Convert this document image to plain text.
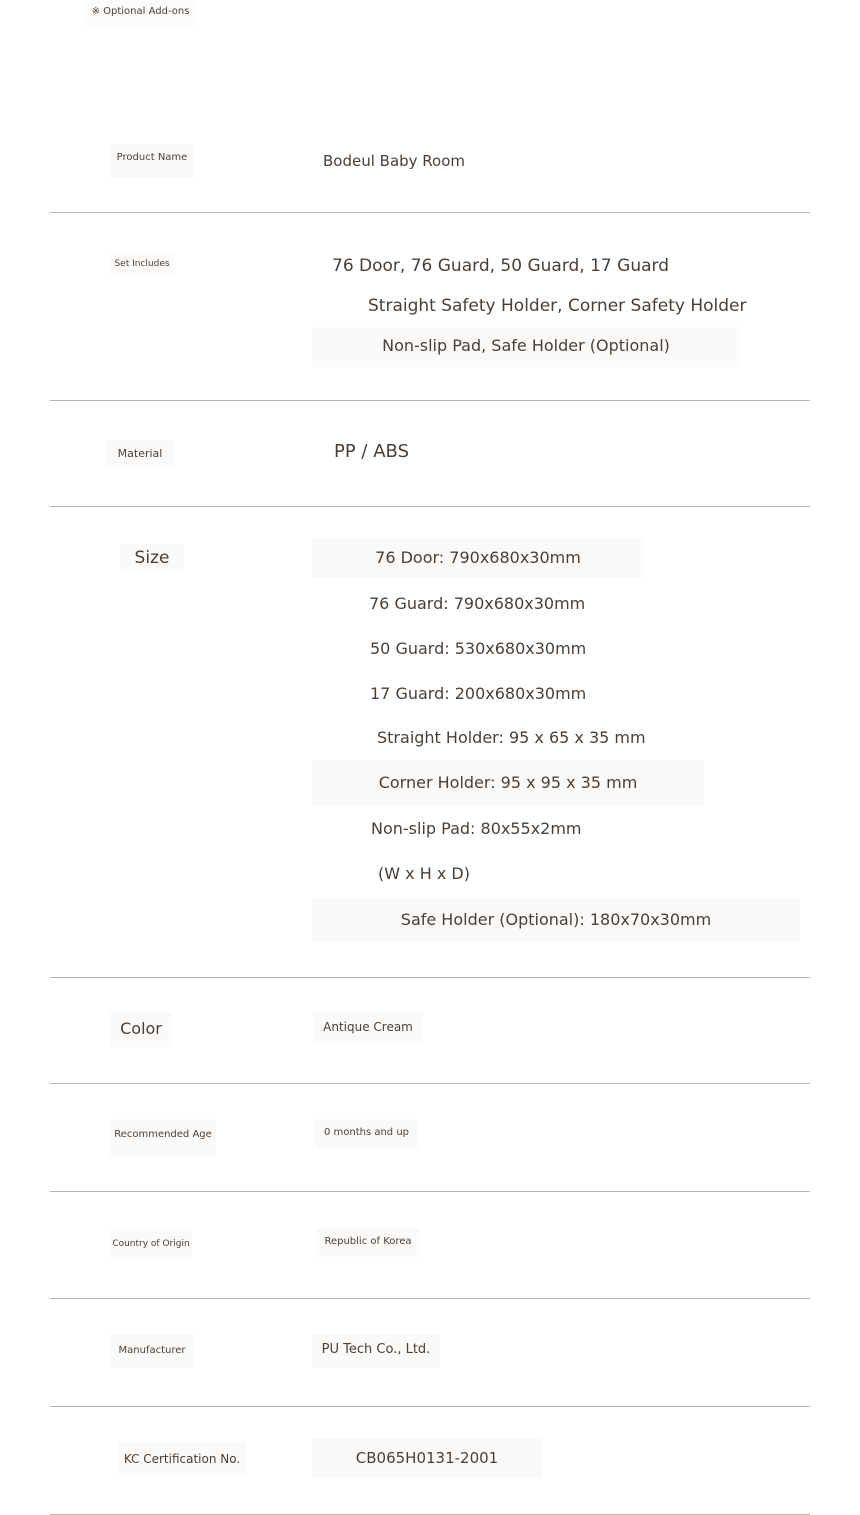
※ Optional Add-ons
Product Name	Bodeul Baby Room
Set Includes	76 Door, 76 Guard, 50 Guard, 17 Guard
Straight Safety Holder, Corner Safety Holder
Non-slip Pad, Safe Holder (Optional)
Material	PP / ABS
Size	76 Door: 790x680x30mm
76 Guard: 790x680x30mm
50 Guard: 530x680x30mm
17 Guard: 200x680x30mm
Straight Holder: 95 x 65 x 35 mm
Corner Holder: 95 x 95 x 35 mm
Non-slip Pad: 80x55x2mm
(W x H x D)
Safe Holder (Optional): 180x70x30mm
Color	Antique Cream
Recommended Age	0 months and up
Country of Origin	Republic of Korea
Manufacturer	PU Tech Co., Ltd.
KC Certification No.	CB065H0131-2001
